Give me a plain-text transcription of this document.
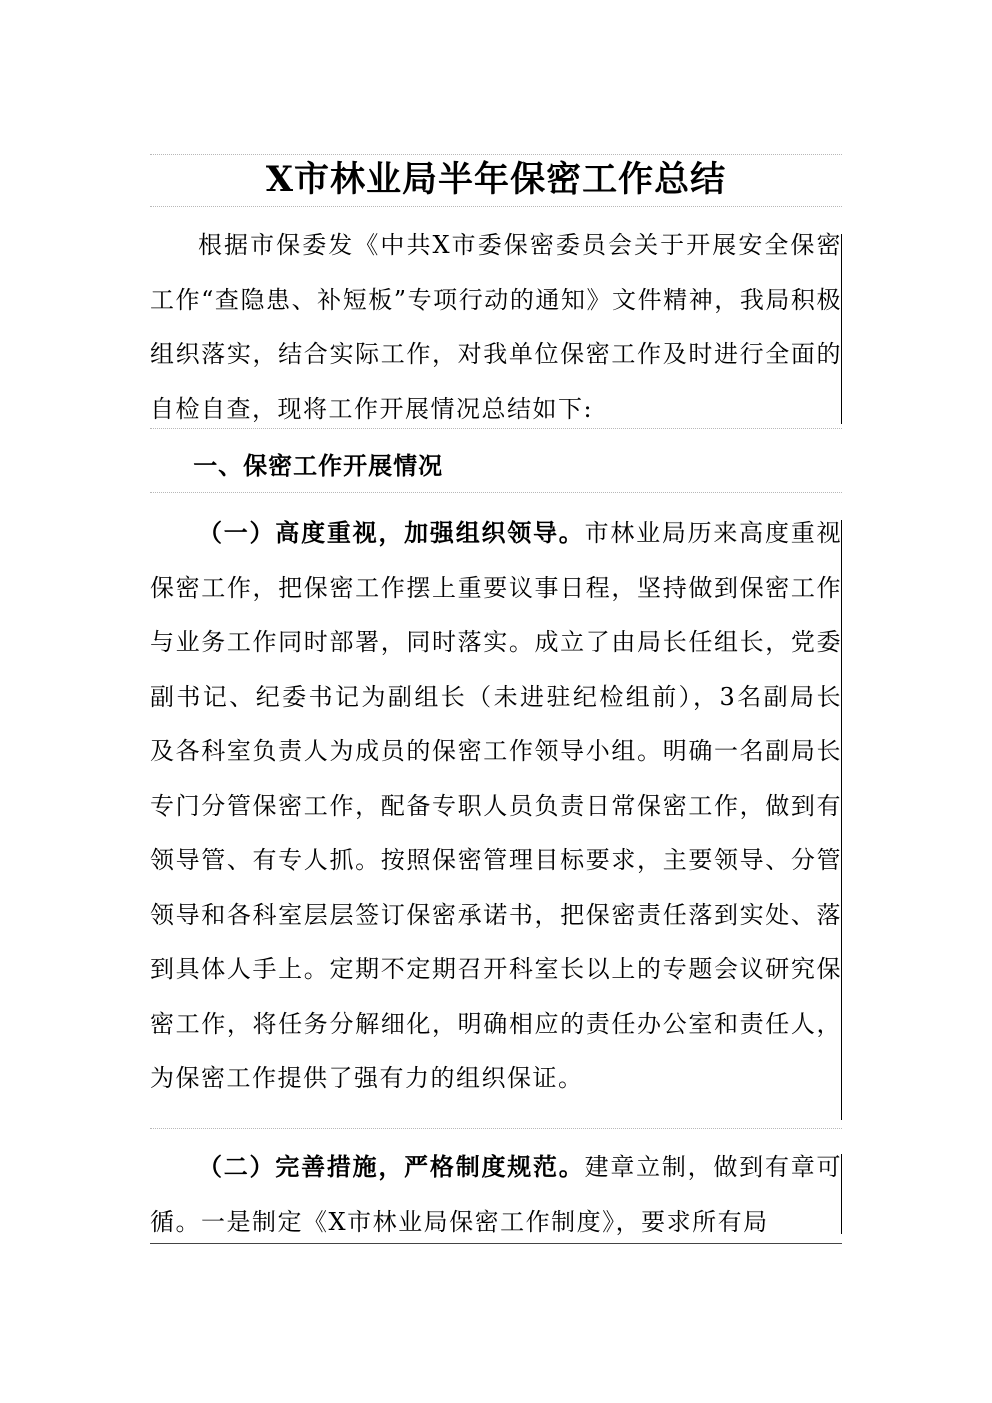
X市林业局半年保密工作总结

根据市保委发《中共X市委保密委员会关于开展安全保密工作“查隐患、补短板”专项行动的通知》文件精神，我局积极组织落实，结合实际工作，对我单位保密工作及时进行全面的自检自查，现将工作开展情况总结如下:

一、保密工作开展情况

（一）高度重视，加强组织领导。市林业局历来高度重视保密工作，把保密工作摆上重要议事日程，坚持做到保密工作与业务工作同时部署，同时落实。成立了由局长任组长，党委副书记、纪委书记为副组长（未进驻纪检组前），3名副局长及各科室负责人为成员的保密工作领导小组。明确一名副局长专门分管保密工作，配备专职人员负责日常保密工作，做到有领导管、有专人抓。按照保密管理目标要求，主要领导、分管领导和各科室层层签订保密承诺书，把保密责任落到实处、落到具体人手上。定期不定期召开科室长以上的专题会议研究保密工作，将任务分解细化，明确相应的责任办公室和责任人，为保密工作提供了强有力的组织保证。

（二）完善措施，严格制度规范。建章立制，做到有章可循。一是制定《X市林业局保密工作制度》，要求所有局
